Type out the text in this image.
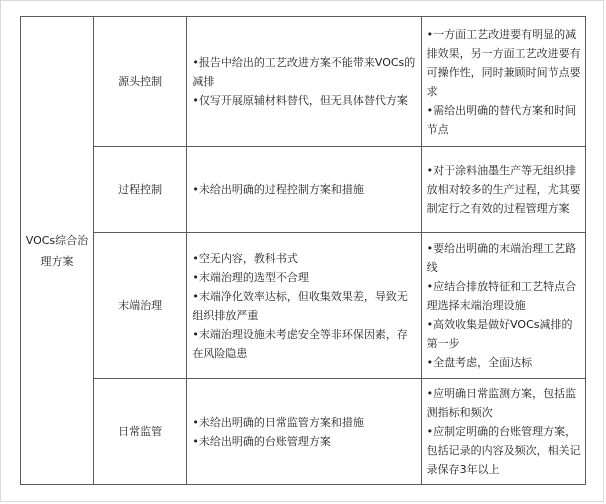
VOCs综合治理方案	源头控制	•报告中给出的工艺改进方案不能带来VOCs的减排
•仅写开展原辅材料替代，但无具体替代方案	•一方面工艺改进要有明显的减排效果，另一方面工艺改进要有可操作性，同时兼顾时间节点要求
•需给出明确的替代方案和时间节点

	过程控制	•未给出明确的过程控制方案和措施	•对于涂料油墨生产等无组织排放相对较多的生产过程，尤其要制定行之有效的过程管理方案

	末端治理	•空无内容，教科书式
•末端治理的选型不合理
•末端净化效率达标，但收集效果差，导致无组织排放严重
•末端治理设施未考虑安全等非环保因素，存在风险隐患	•要给出明确的末端治理工艺路线
•应结合排放特征和工艺特点合理选择末端治理设施
•高效收集是做好VOCs减排的第一步
•全盘考虑，全面达标

	日常监管	•未给出明确的日常监管方案和措施
•未给出明确的台账管理方案	•应明确日常监测方案，包括监测指标和频次
•应制定明确的台账管理方案，包括记录的内容及频次，相关记录保存3年以上
